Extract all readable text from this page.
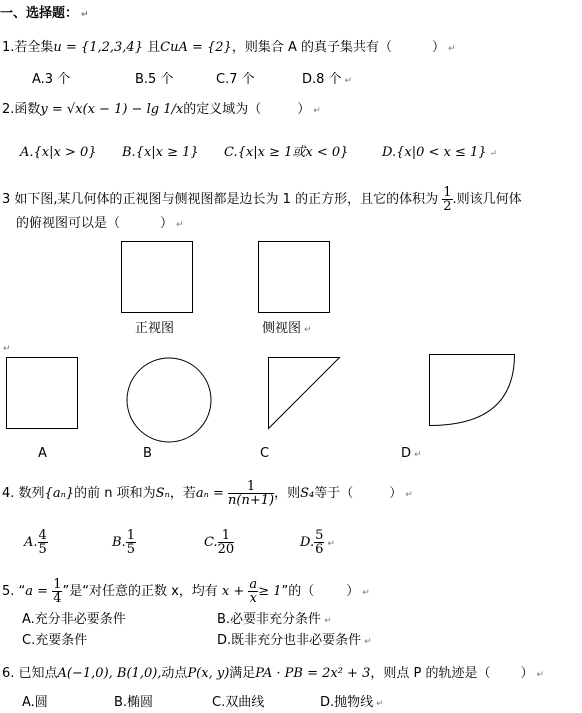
一、选择题： ↵
1.若全集u = {1,2,3,4} 且CuA = {2}，则集合 A 的真子集共有（	） ↵
A.3 个	B.5 个	C.7 个	D.8 个 ↵
2.函数y = √x(x − 1) − lg 1/x的定义域为（	） ↵
A.{x|x > 0} B.{x|x ≥ 1} C.{x|x ≥ 1或x < 0}	D.{x|0 < x ≤ 1} ↵
3 如下图,某几何体的正视图与侧视图都是边长为 1 的正方形，且它的体积为 $\frac{1}{2}$ .则该几何体
的俯视图可以是（	） ↵
正视图	侧视图 ↵
↵
A	B	C	D ↵
4. 数列{aₙ}的前 n 项和为Sₙ，若$a_n = \frac{1}{n(n+1)}$ ，则S₄等于（	） ↵
A. $\frac{4}{5}$	B. $\frac{1}{5}$	C. $\frac{1}{20}$	D. $\frac{5}{6}$ ↵
5. “$a = \frac{1}{4}$ ”是“对任意的正数 x，均有 $x + \frac{a}{x} \ge 1$”的（ ） ↵
A.充分非必要条件	B.必要非充分条件 ↵
C.充要条件	D.既非充分也非必要条件 ↵
6. 已知点A(−1,0), B(1,0),动点P(x, y)满足PA · PB = 2x² + 3，则点 P 的轨迹是（ ） ↵
A.圆	B.椭圆	C.双曲线	D.抛物线 ↵
